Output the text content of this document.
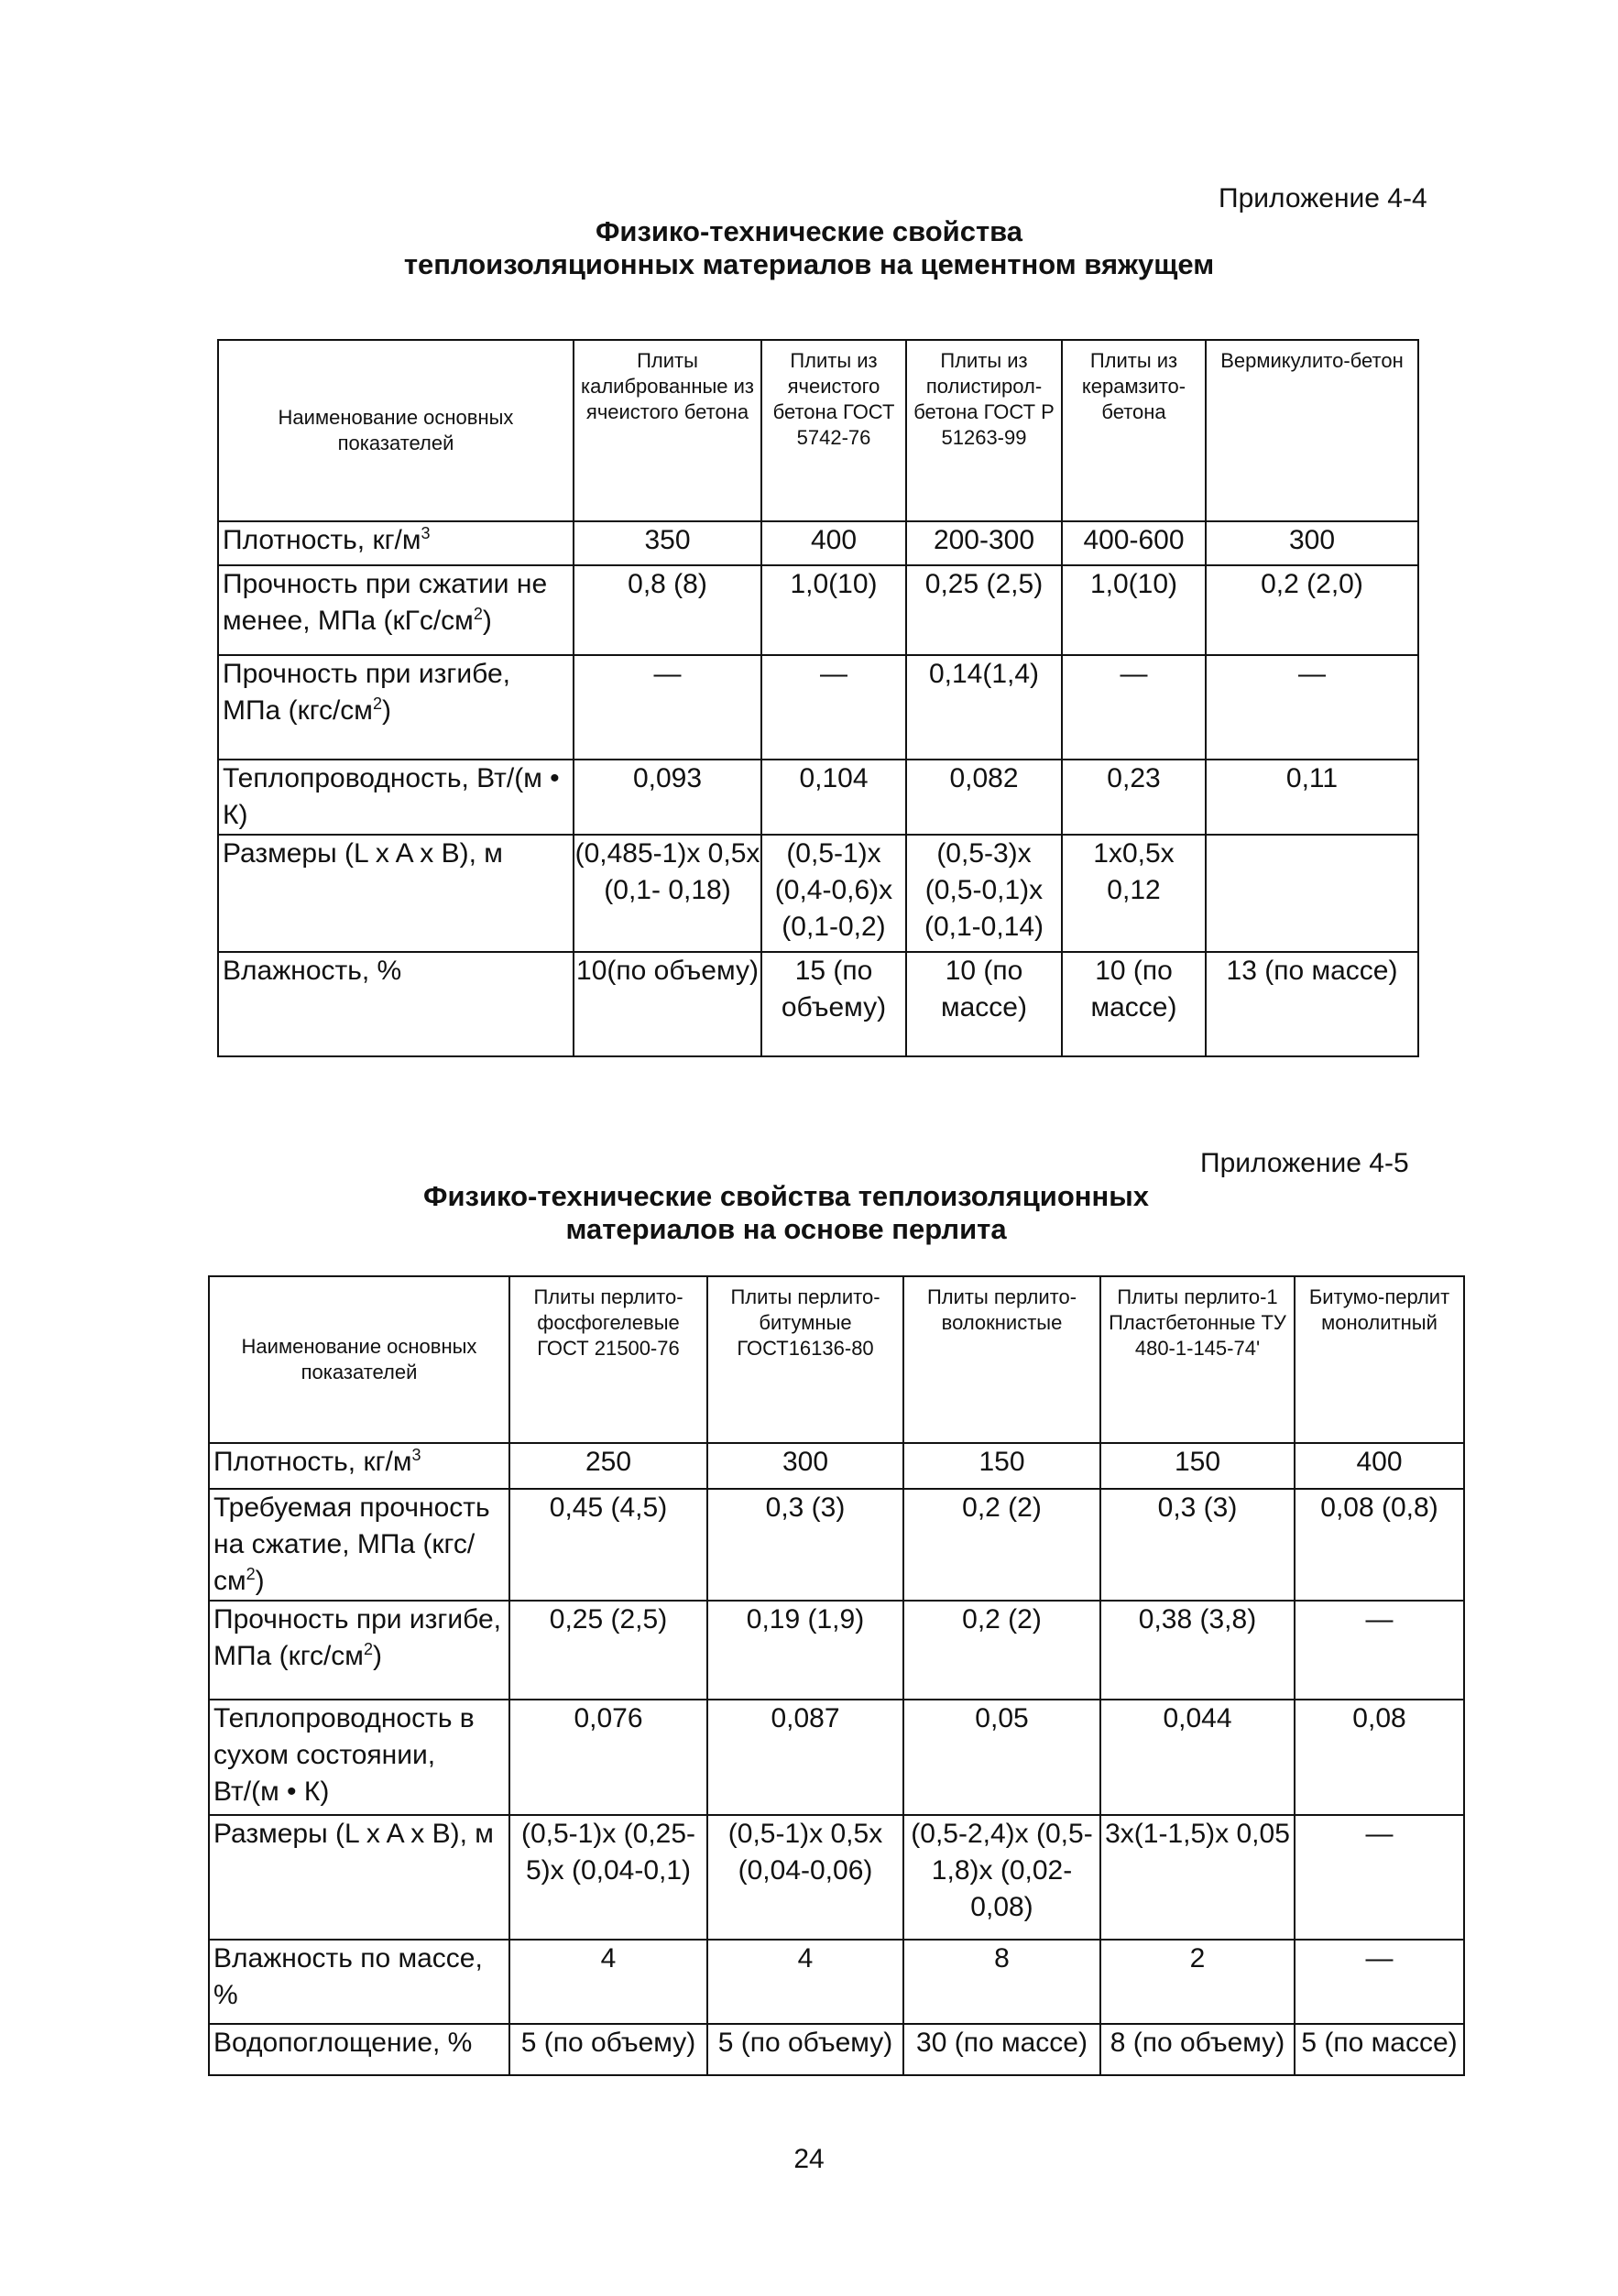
Приложение 4-4
Физико-технические свойства
теплоизоляционных материалов на цементном вяжущем
Наименование основных показателей	Плиты калиброванные из ячеистого бетона	Плиты из ячеистого бетона ГОСТ 5742-76	Плиты из полистирол-бетона ГОСТ Р 51263-99	Плиты из керамзито-бетона	Вермикулито-бетон
Плотность, $кг/м^3$	350	400	200-300	400-600	300

Прочность при сжатии не менее, МПа $(кГс/см^2)$	0,8 (8)	1,0(10)	0,25 (2,5)	1,0(10)	0,2 (2,0)

Прочность при изгибе, МПа $(кгс/см^2)$	—	—	0,14(1,4)	—	—

Теплопроводность, Вт/(м • К)	0,093	0,104	0,082	0,23	0,11

Размеры (L x A x B), м	(0,485-1)х 0,5х (0,1- 0,18)	(0,5-1)х (0,4-0,6)х (0,1-0,2)	(0,5-3)х (0,5-0,1)х (0,1-0,14)	1х0,5х 0,12	

Влажность, %	10(по объему)	15 (по объему)	10 (по массе)	10 (по массе)	13 (по массе)
Приложение 4-5
Физико-технические свойства теплоизоляционных
материалов на основе перлита
Наименование основных показателей	Плиты перлито-фосфогелевые ГОСТ 21500-76	Плиты перлито-битумные ГОСТ16136-80	Плиты перлито-волокнистые	Плиты перлито-1 Пластбетонные ТУ 480-1-145-74'	Битумо-перлит монолитный
Плотность, $кг/м^3$	250	300	150	150	400

Требуемая прочность на сжатие, МПа $(кгс/см^2)$	0,45 (4,5)	0,3 (3)	0,2 (2)	0,3 (3)	0,08 (0,8)

Прочность при изгибе, МПа $(кгс/см^2)$	0,25 (2,5)	0,19 (1,9)	0,2 (2)	0,38 (3,8)	—

Теплопроводность в сухом состоянии, Вт/(м • К)	0,076	0,087	0,05	0,044	0,08

Размеры (L x A x B), м	(0,5-1)х (0,25-5)х (0,04-0,1)	(0,5-1)х 0,5х (0,04-0,06)	(0,5-2,4)х (0,5-1,8)х (0,02-0,08)	3х(1-1,5)х 0,05	—

Влажность по массе, %	4	4	8	2	—

Водопоглощение, %	5 (по объему)	5 (по объему)	30 (по массе)	8 (по объему)	5 (по массе)
24
